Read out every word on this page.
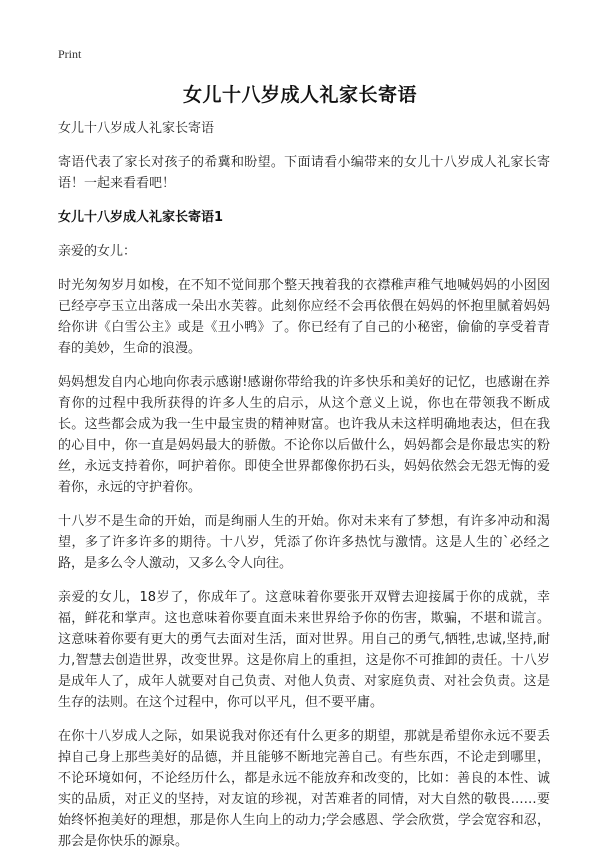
Print
女儿十八岁成人礼家长寄语

女儿十八岁成人礼家长寄语

寄语代表了家长对孩子的希冀和盼望。下面请看小编带来的女儿十八岁成人礼家长寄语！一起来看看吧！

女儿十八岁成人礼家长寄语1

亲爱的女儿：

时光匆匆岁月如梭，在不知不觉间那个整天拽着我的衣襟稚声稚气地喊妈妈的小囡囡已经亭亭玉立出落成一朵出水芙蓉。此刻你应经不会再依偎在妈妈的怀抱里腻着妈妈给你讲《白雪公主》或是《丑小鸭》了。你已经有了自己的小秘密，偷偷的享受着青春的美妙，生命的浪漫。

妈妈想发自内心地向你表示感谢!感谢你带给我的许多快乐和美好的记忆，也感谢在养育你的过程中我所获得的许多人生的启示，从这个意义上说，你也在带领我不断成长。这些都会成为我一生中最宝贵的精神财富。也许我从未这样明确地表达，但在我的心目中，你一直是妈妈最大的骄傲。不论你以后做什么，妈妈都会是你最忠实的粉丝，永远支持着你，呵护着你。即使全世界都像你扔石头，妈妈依然会无怨无悔的爱着你，永远的守护着你。

十八岁不是生命的开始，而是绚丽人生的开始。你对未来有了梦想，有许多冲动和渴望，多了许多许多的期待。十八岁，凭添了你许多热忱与激情。这是人生的`必经之路，是多么令人激动，又多么令人向往。

亲爱的女儿，18岁了，你成年了。这意味着你要张开双臂去迎接属于你的成就，幸福，鲜花和掌声。这也意味着你要直面未来世界给予你的伤害，欺骗，不堪和谎言。这意味着你要有更大的勇气去面对生活，面对世界。用自己的勇气,牺牲,忠诚,坚持,耐力,智慧去创造世界，改变世界。这是你肩上的重担，这是你不可推卸的责任。十八岁是成年人了，成年人就要对自己负责、对他人负责、对家庭负责、对社会负责。这是生存的法则。在这个过程中，你可以平凡，但不要平庸。

在你十八岁成人之际，如果说我对你还有什么更多的期望，那就是希望你永远不要丢掉自己身上那些美好的品德，并且能够不断地完善自己。有些东西，不论走到哪里，不论环境如何，不论经历什么，都是永远不能放弃和改变的，比如：善良的本性、诚实的品质，对正义的坚持，对友谊的珍视，对苦难者的同情，对大自然的敬畏……要始终怀抱美好的理想，那是你人生向上的动力;学会感恩、学会欣赏，学会宽容和忍，那会是你快乐的源泉。
